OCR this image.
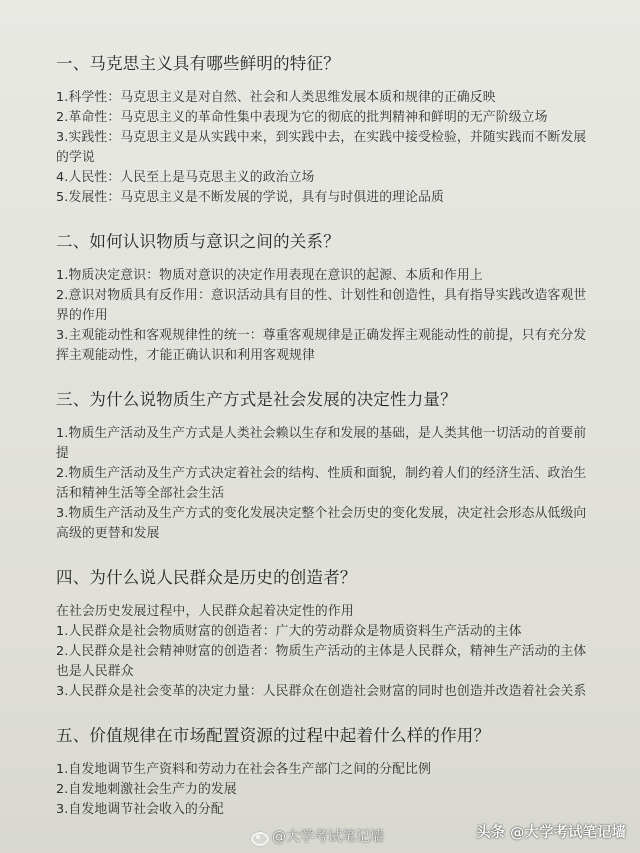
一、马克思主义具有哪些鲜明的特征？

1.科学性：马克思主义是对自然、社会和人类思维发展本质和规律的正确反映

2.革命性：马克思主义的革命性集中表现为它的彻底的批判精神和鲜明的无产阶级立场

3.实践性：马克思主义是从实践中来，到实践中去，在实践中接受检验，并随实践而不断发展的学说

4.人民性：人民至上是马克思主义的政治立场

5.发展性：马克思主义是不断发展的学说，具有与时俱进的理论品质

二、如何认识物质与意识之间的关系？

1.物质决定意识：物质对意识的决定作用表现在意识的起源、本质和作用上

2.意识对物质具有反作用：意识活动具有目的性、计划性和创造性，具有指导实践改造客观世界的作用

3.主观能动性和客观规律性的统一：尊重客观规律是正确发挥主观能动性的前提，只有充分发挥主观能动性，才能正确认识和利用客观规律

三、为什么说物质生产方式是社会发展的决定性力量？

1.物质生产活动及生产方式是人类社会赖以生存和发展的基础，是人类其他一切活动的首要前提

2.物质生产活动及生产方式决定着社会的结构、性质和面貌，制约着人们的经济生活、政治生活和精神生活等全部社会生活

3.物质生产活动及生产方式的变化发展决定整个社会历史的变化发展，决定社会形态从低级向高级的更替和发展

四、为什么说人民群众是历史的创造者？

在社会历史发展过程中，人民群众起着决定性的作用

1.人民群众是社会物质财富的创造者：广大的劳动群众是物质资料生产活动的主体

2.人民群众是社会精神财富的创造者：物质生产活动的主体是人民群众，精神生产活动的主体也是人民群众

3.人民群众是社会变革的决定力量：人民群众在创造社会财富的同时也创造并改造着社会关系

五、价值规律在市场配置资源的过程中起着什么样的作用？

1.自发地调节生产资料和劳动力在社会各生产部门之间的分配比例

2.自发地刺激社会生产力的发展

3.自发地调节社会收入的分配

@大学考试笔记墙	头条 @大学考试笔记墙
